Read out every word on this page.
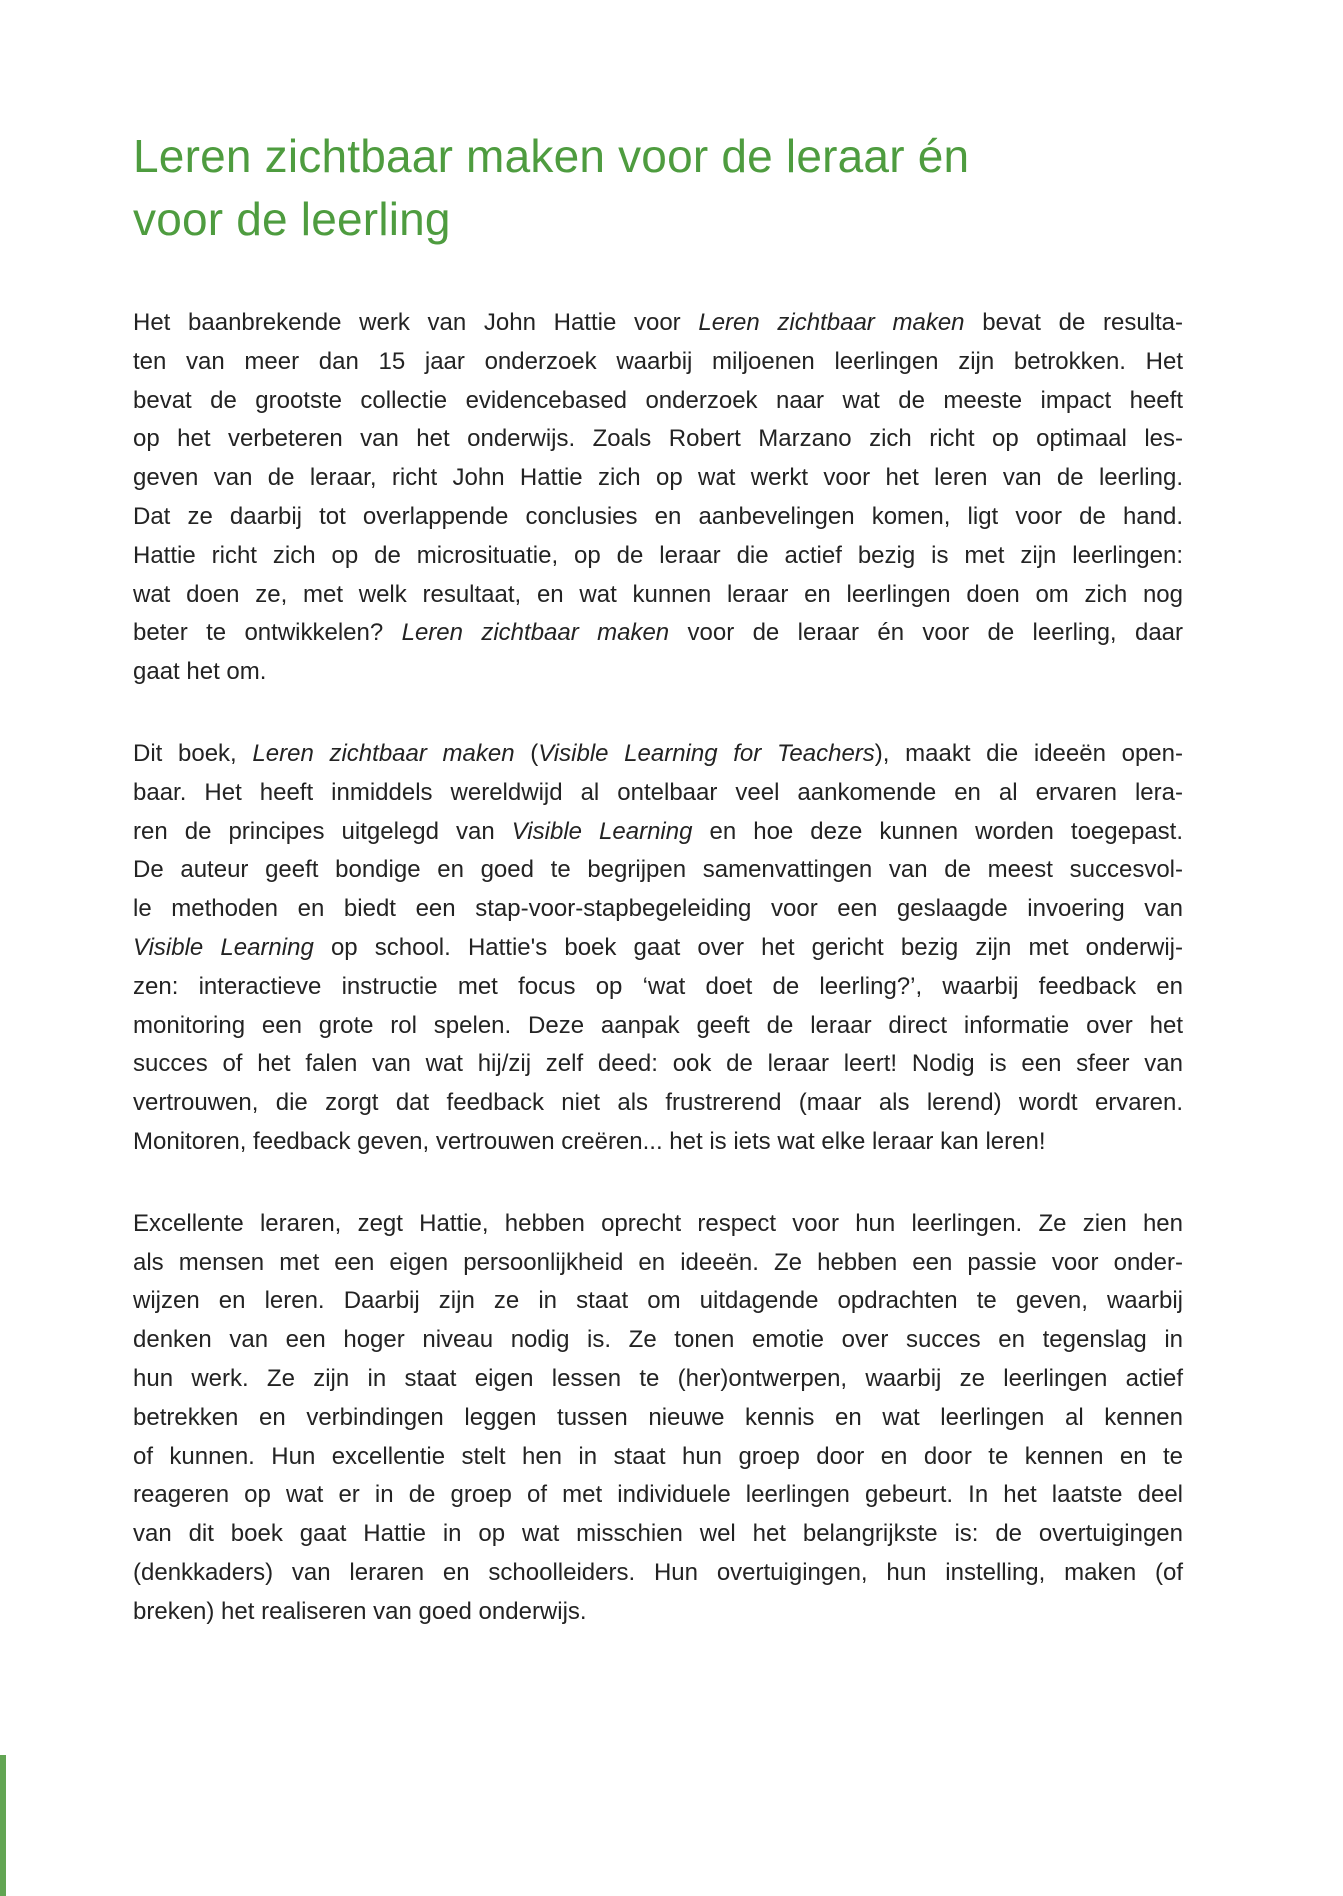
Leren zichtbaar maken voor de leraar én
voor de leerling
Het baanbrekende werk van John Hattie voor Leren zichtbaar maken bevat de resulta-
ten van meer dan 15 jaar onderzoek waarbij miljoenen leerlingen zijn betrokken. Het
bevat de grootste collectie evidencebased onderzoek naar wat de meeste impact heeft
op het verbeteren van het onderwijs. Zoals Robert Marzano zich richt op optimaal les-
geven van de leraar, richt John Hattie zich op wat werkt voor het leren van de leerling.
Dat ze daarbij tot overlappende conclusies en aanbevelingen komen, ligt voor de hand.
Hattie richt zich op de microsituatie, op de leraar die actief bezig is met zijn leerlingen:
wat doen ze, met welk resultaat, en wat kunnen leraar en leerlingen doen om zich nog
beter te ontwikkelen? Leren zichtbaar maken voor de leraar én voor de leerling, daar
gaat het om.
Dit boek, Leren zichtbaar maken (Visible Learning for Teachers), maakt die ideeën open-
baar. Het heeft inmiddels wereldwijd al ontelbaar veel aankomende en al ervaren lera-
ren de principes uitgelegd van Visible Learning en hoe deze kunnen worden toegepast.
De auteur geeft bondige en goed te begrijpen samenvattingen van de meest succesvol-
le methoden en biedt een stap-voor-stapbegeleiding voor een geslaagde invoering van
Visible Learning op school. Hattie's boek gaat over het gericht bezig zijn met onderwij-
zen: interactieve instructie met focus op ‘wat doet de leerling?’, waarbij feedback en
monitoring een grote rol spelen. Deze aanpak geeft de leraar direct informatie over het
succes of het falen van wat hij/zij zelf deed: ook de leraar leert! Nodig is een sfeer van
vertrouwen, die zorgt dat feedback niet als frustrerend (maar als lerend) wordt ervaren.
Monitoren, feedback geven, vertrouwen creëren... het is iets wat elke leraar kan leren!
Excellente leraren, zegt Hattie, hebben oprecht respect voor hun leerlingen. Ze zien hen
als mensen met een eigen persoonlijkheid en ideeën. Ze hebben een passie voor onder-
wijzen en leren. Daarbij zijn ze in staat om uitdagende opdrachten te geven, waarbij
denken van een hoger niveau nodig is. Ze tonen emotie over succes en tegenslag in
hun werk. Ze zijn in staat eigen lessen te (her)ontwerpen, waarbij ze leerlingen actief
betrekken en verbindingen leggen tussen nieuwe kennis en wat leerlingen al kennen
of kunnen. Hun excellentie stelt hen in staat hun groep door en door te kennen en te
reageren op wat er in de groep of met individuele leerlingen gebeurt. In het laatste deel
van dit boek gaat Hattie in op wat misschien wel het belangrijkste is: de overtuigingen
(denkkaders) van leraren en schoolleiders. Hun overtuigingen, hun instelling, maken (of
breken) het realiseren van goed onderwijs.
